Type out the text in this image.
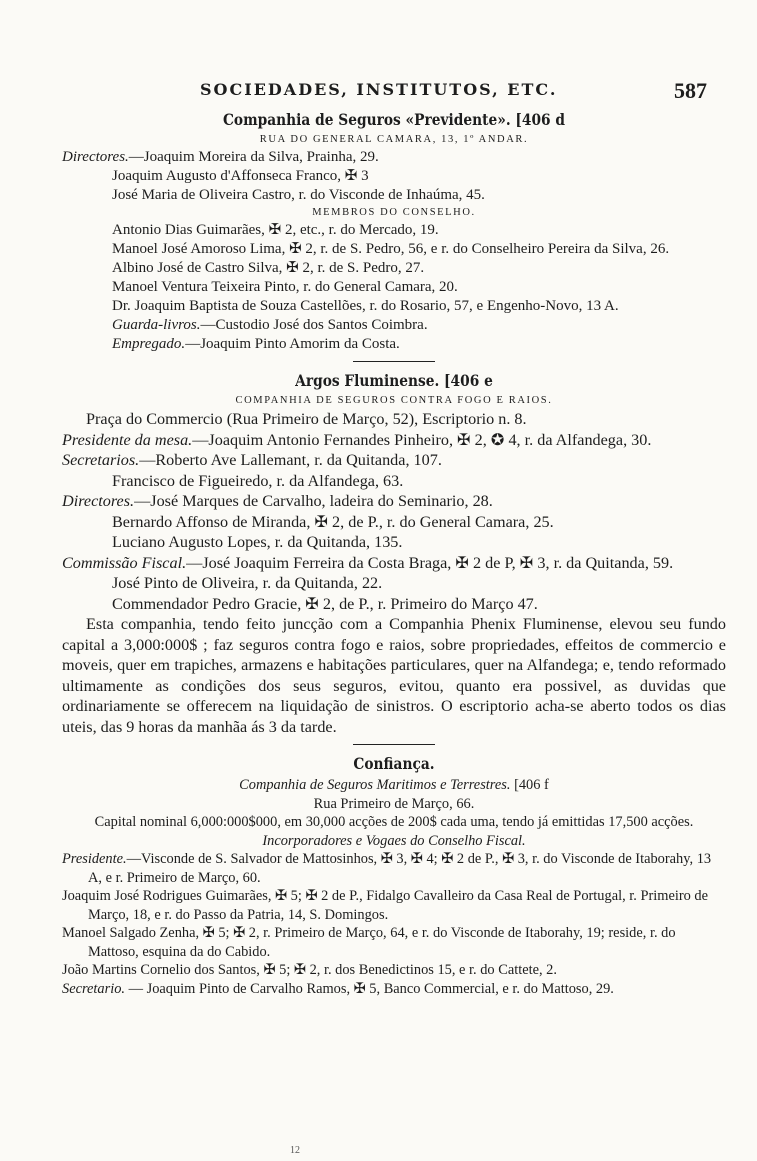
SOCIEDADES, INSTITUTOS, ETC.	587
Companhia de Seguros «Previdente». [406 d
RUA DO GENERAL CAMARA, 13, 1º ANDAR.

Directores.—Joaquim Moreira da Silva, Prainha, 29.

Joaquim Augusto d'Affonseca Franco, ✠ 3

José Maria de Oliveira Castro, r. do Visconde de Inhaúma, 45.

MEMBROS DO CONSELHO.

Antonio Dias Guimarães, ✠ 2, etc., r. do Mercado, 19.

Manoel José Amoroso Lima, ✠ 2, r. de S. Pedro, 56, e r. do Conselheiro Pereira da Silva, 26.

Albino José de Castro Silva, ✠ 2, r. de S. Pedro, 27.

Manoel Ventura Teixeira Pinto, r. do General Camara, 20.

Dr. Joaquim Baptista de Souza Castellões, r. do Rosario, 57, e Engenho-Novo, 13 A.

Guarda-livros.—Custodio José dos Santos Coimbra.

Empregado.—Joaquim Pinto Amorim da Costa.

Argos Fluminense. [406 e
COMPANHIA DE SEGUROS CONTRA FOGO E RAIOS.

Praça do Commercio (Rua Primeiro de Março, 52), Escriptorio n. 8.

Presidente da mesa.—Joaquim Antonio Fernandes Pinheiro, ✠ 2, ✪ 4, r. da Alfandega, 30.

Secretarios.—Roberto Ave Lallemant, r. da Quitanda, 107.

Francisco de Figueiredo, r. da Alfandega, 63.

Directores.—José Marques de Carvalho, ladeira do Seminario, 28.

Bernardo Affonso de Miranda, ✠ 2, de P., r. do General Camara, 25.

Luciano Augusto Lopes, r. da Quitanda, 135.

Commissão Fiscal.—José Joaquim Ferreira da Costa Braga, ✠ 2 de P, ✠ 3, r. da Quitanda, 59.

José Pinto de Oliveira, r. da Quitanda, 22.

Commendador Pedro Gracie, ✠ 2, de P., r. Primeiro do Março 47.

Esta companhia, tendo feito juncção com a Companhia Phenix Fluminense, elevou seu fundo capital a 3,000:000$ ; faz seguros contra fogo e raios, sobre propriedades, effeitos de commercio e moveis, quer em trapiches, armazens e habitações particulares, quer na Alfandega; e, tendo reformado ultimamente as condições dos seus seguros, evitou, quanto era possivel, as duvidas que ordinariamente se offerecem na liquidação de sinistros. O escriptorio acha-se aberto todos os dias uteis, das 9 horas da manhãa ás 3 da tarde.

Confiança.
Companhia de Seguros Maritimos e Terrestres. [406 f
Rua Primeiro de Março, 66.

Capital nominal 6,000:000$000, em 30,000 acções de 200$ cada uma, tendo já emittidas 17,500 acções.

Incorporadores e Vogaes do Conselho Fiscal.

Presidente.—Visconde de S. Salvador de Mattosinhos, ✠ 3, ✠ 4; ✠ 2 de P., ✠ 3, r. do Visconde de Itaborahy, 13 A, e r. Primeiro de Março, 60.

Joaquim José Rodrigues Guimarães, ✠ 5; ✠ 2 de P., Fidalgo Cavalleiro da Casa Real de Portugal, r. Primeiro de Março, 18, e r. do Passo da Patria, 14, S. Domingos.

Manoel Salgado Zenha, ✠ 5; ✠ 2, r. Primeiro de Março, 64, e r. do Visconde de Itaborahy, 19; reside, r. do Mattoso, esquina da do Cabido.

João Martins Cornelio dos Santos, ✠ 5; ✠ 2, r. dos Benedictinos 15, e r. do Cattete, 2.

Secretario. — Joaquim Pinto de Carvalho Ramos, ✠ 5, Banco Commercial, e r. do Mattoso, 29.

12
